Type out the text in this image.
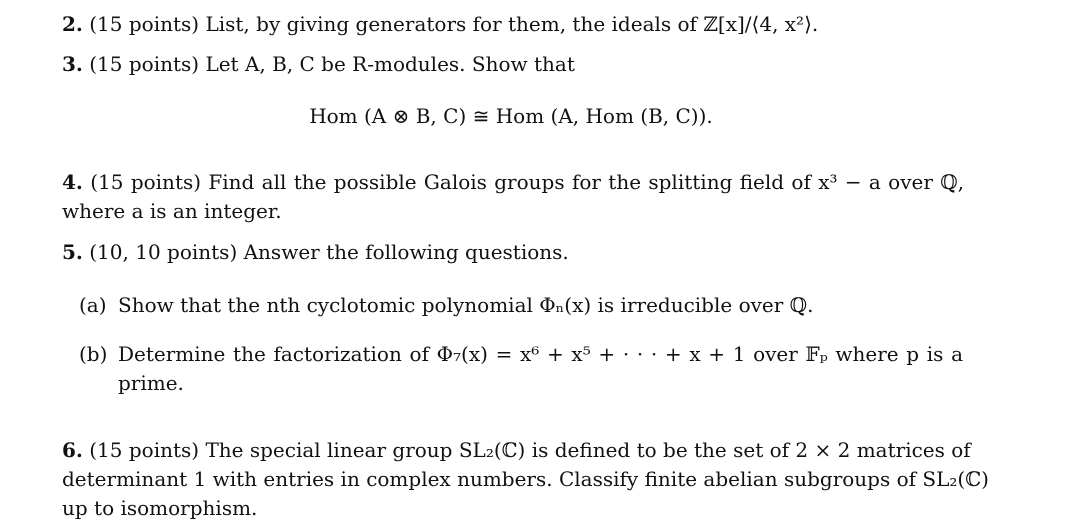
2. (15 points) List, by giving generators for them, the ideals of ℤ[x]/⟨4, x²⟩.
3. (15 points) Let A, B, C be R-modules. Show that
Hom (A ⊗ B, C) ≅ Hom (A, Hom (B, C)).
4. (15 points) Find all the possible Galois groups for the splitting field of x³ − a over ℚ,
where a is an integer.
5. (10, 10 points) Answer the following questions.
(a) Show that the nth cyclotomic polynomial Φₙ(x) is irreducible over ℚ.
(b) Determine the factorization of Φ₇(x) = x⁶ + x⁵ + · · · + x + 1 over 𝔽ₚ where p is a
prime.
6. (15 points) The special linear group SL₂(ℂ) is defined to be the set of 2 × 2 matrices of
determinant 1 with entries in complex numbers. Classify finite abelian subgroups of SL₂(ℂ)
up to isomorphism.
